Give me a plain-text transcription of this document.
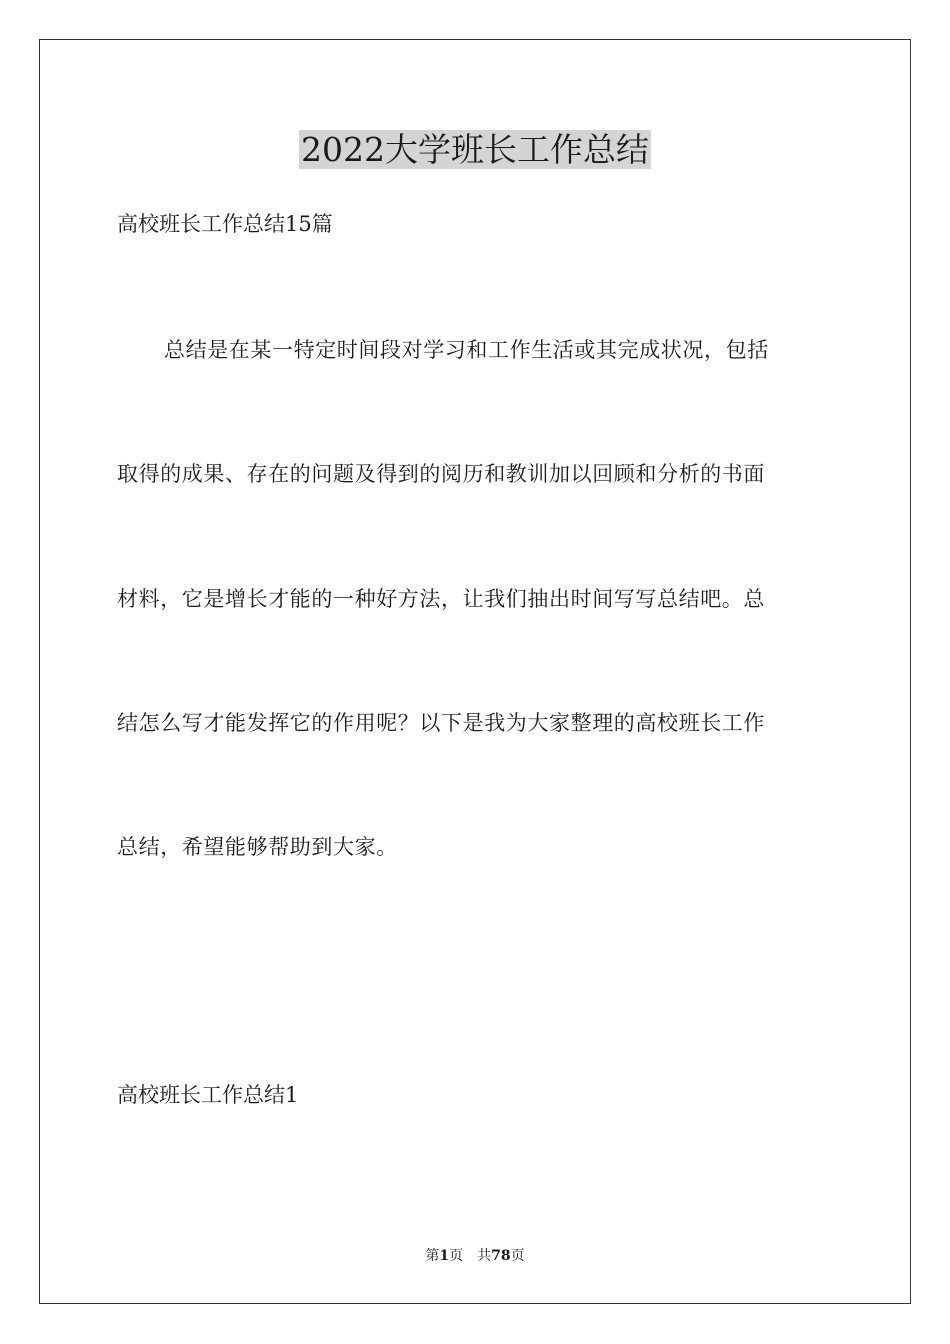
2022大学班长工作总结

高校班长工作总结15篇

总结是在某一特定时间段对学习和工作生活或其完成状况，包括

取得的成果、存在的问题及得到的阅历和教训加以回顾和分析的书面

材料，它是增长才能的一种好方法，让我们抽出时间写写总结吧。总

结怎么写才能发挥它的作用呢？以下是我为大家整理的高校班长工作

总结，希望能够帮助到大家。

高校班长工作总结1

第1页 共78页
